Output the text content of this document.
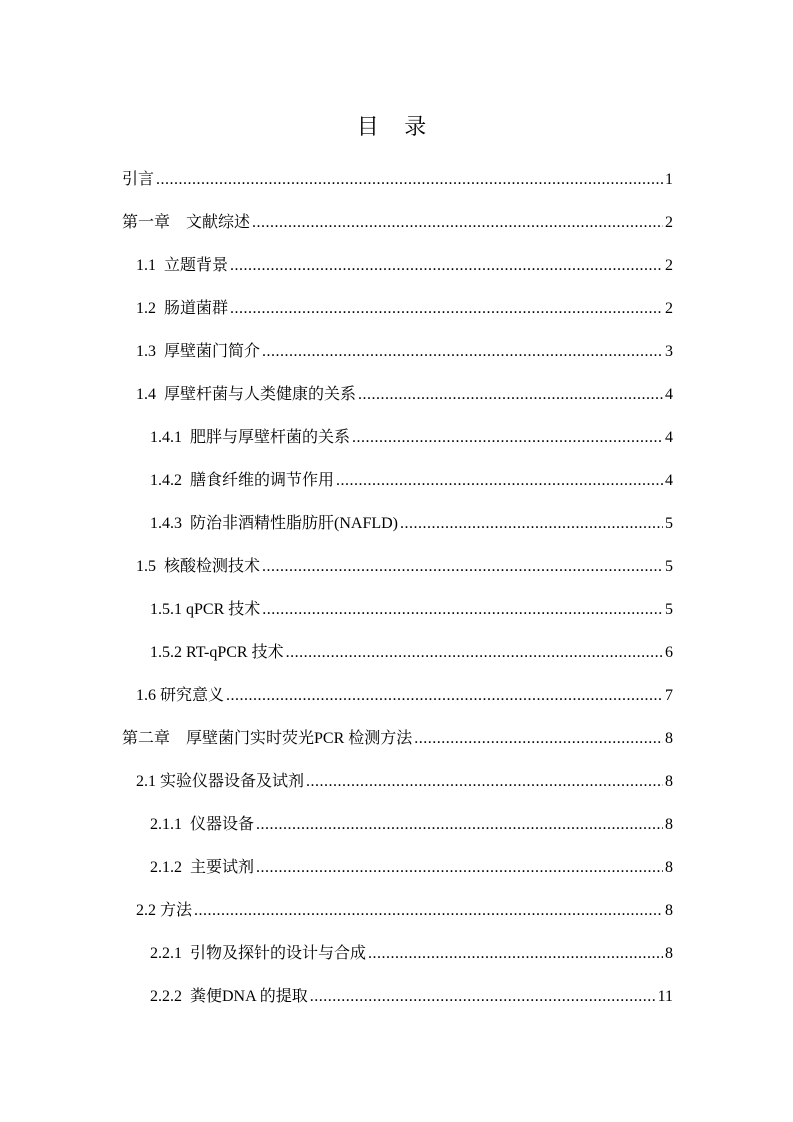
目 录
引言 .....	1
第一章 文献综述 .....	2
1.1 立题背景 .....	2
1.2 肠道菌群 .....	2
1.3 厚壁菌门简介 .....	3
1.4 厚壁杆菌与人类健康的关系 .....	4
1.4.1 肥胖与厚壁杆菌的关系 .....	4
1.4.2 膳食纤维的调节作用 .....	4
1.4.3 防治非酒精性脂肪肝(NAFLD) .....	5
1.5 核酸检测技术 .....	5
1.5.1 qPCR 技术 .....	5
1.5.2 RT-qPCR 技术 .....	6
1.6 研究意义 .....	7
第二章 厚壁菌门实时荧光PCR 检测方法 .....	8
2.1 实验仪器设备及试剂 .....	8
2.1.1 仪器设备 .....	8
2.1.2 主要试剂 .....	8
2.2 方法 .....	8
2.2.1 引物及探针的设计与合成 .....	8
2.2.2 粪便DNA 的提取 .....	11
